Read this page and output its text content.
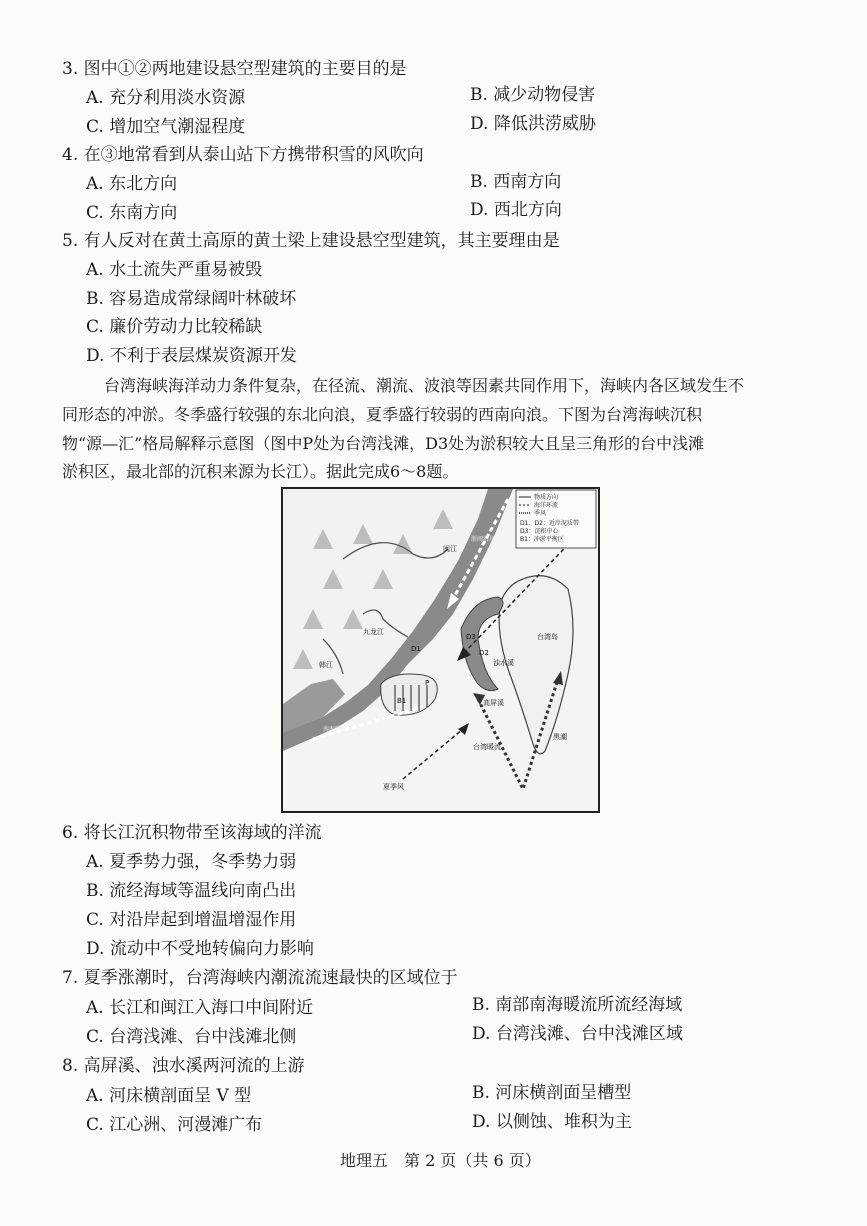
3. 图中①②两地建设悬空型建筑的主要目的是
A. 充分利用淡水资源	B. 减少动物侵害
C. 增加空气潮湿程度	D. 降低洪涝威胁
4. 在③地常看到从泰山站下方携带积雪的风吹向
A. 东北方向	B. 西南方向
C. 东南方向	D. 西北方向
5. 有人反对在黄土高原的黄土梁上建设悬空型建筑，其主要理由是
A. 水土流失严重易被毁
B. 容易造成常绿阔叶林破坏
C. 廉价劳动力比较稀缺
D. 不利于表层煤炭资源开发
台湾海峡海洋动力条件复杂，在径流、潮流、波浪等因素共同作用下，海峡内各区域发生不
同形态的冲淤。冬季盛行较强的东北向浪，夏季盛行较弱的西南向浪。下图为台湾海峡沉积
物“源—汇”格局解释示意图（图中P处为台湾浅滩，D3处为淤积较大且呈三角形的台中浅滩
淤积区，最北部的沉积来源为长江）。据此完成6～8题。
物质方向
海洋环流
季风
D1、D2：近岸泥质带
D3：沉积中心
B1：冲淤平衡区
闽江
九龙江
韩江
D1	D2
D3
B1
P
浊水溪
高屏溪
台湾岛
夏季风
南海暖流
浙闽沿岸流
黑潮
台湾暖流
6. 将长江沉积物带至该海域的洋流
A. 夏季势力强，冬季势力弱
B. 流经海域等温线向南凸出
C. 对沿岸起到增温增湿作用
D. 流动中不受地转偏向力影响
7. 夏季涨潮时，台湾海峡内潮流流速最快的区域位于
A. 长江和闽江入海口中间附近	B. 南部南海暖流所流经海域
C. 台湾浅滩、台中浅滩北侧	D. 台湾浅滩、台中浅滩区域
8. 高屏溪、浊水溪两河流的上游
A. 河床横剖面呈 V 型	B. 河床横剖面呈槽型
C. 江心洲、河漫滩广布	D. 以侧蚀、堆积为主
地理五　第 2 页（共 6 页）
